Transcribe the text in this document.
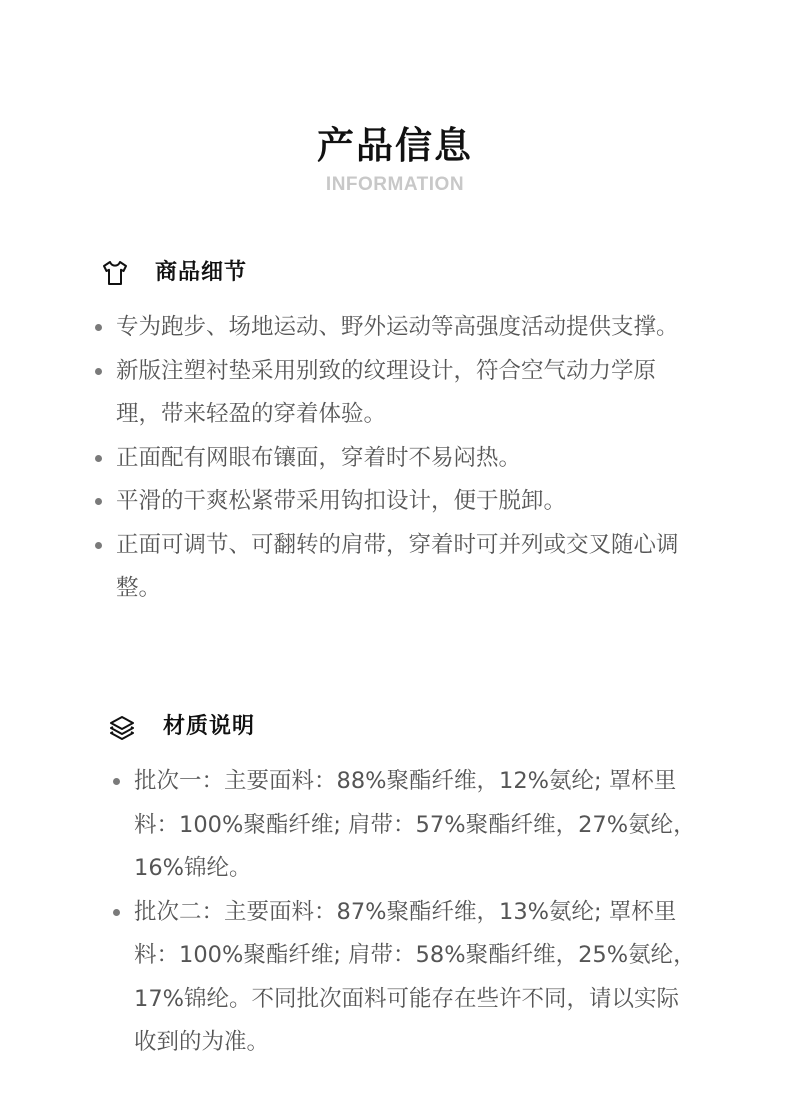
产品信息
INFORMATION
商品细节
专为跑步、场地运动、野外运动等高强度活动提供支撑。
新版注塑衬垫采用别致的纹理设计，符合空气动力学原理，带来轻盈的穿着体验。
正面配有网眼布镶面，穿着时不易闷热。
平滑的干爽松紧带采用钩扣设计，便于脱卸。
正面可调节、可翻转的肩带，穿着时可并列或交叉随心调整。
材质说明
批次一：主要面料：88%聚酯纤维，12%氨纶; 罩杯里料：100%聚酯纤维; 肩带：57%聚酯纤维，27%氨纶，16%锦纶。
批次二：主要面料：87%聚酯纤维，13%氨纶; 罩杯里料：100%聚酯纤维; 肩带：58%聚酯纤维，25%氨纶，17%锦纶。不同批次面料可能存在些许不同，请以实际收到的为准。
